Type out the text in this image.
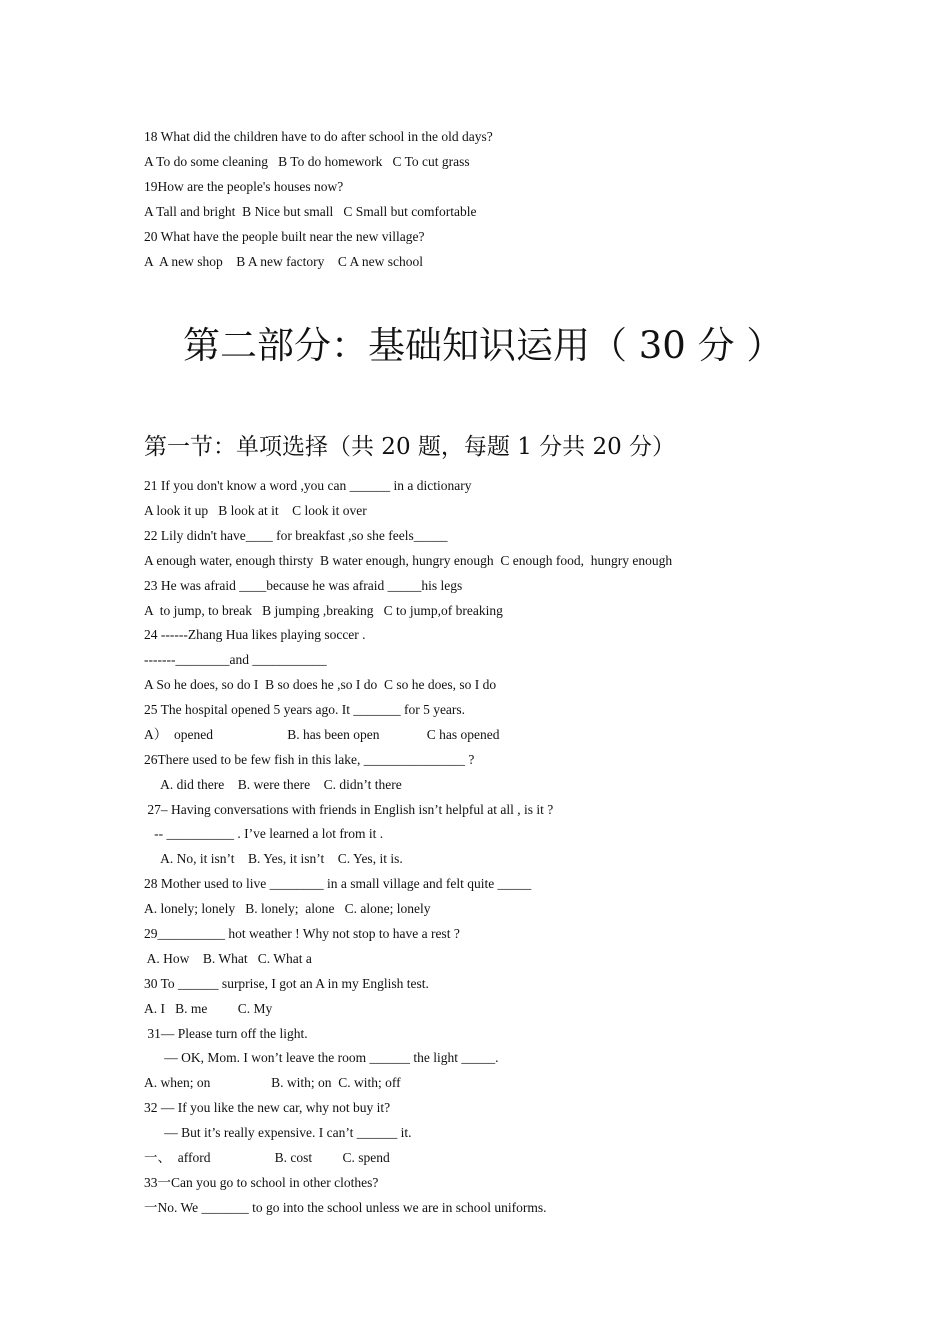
18 What did the children have to do after school in the old days?
A To do some cleaning   B To do homework   C To cut grass
19How are the people's houses now?
A Tall and bright  B Nice but small   C Small but comfortable
20 What have the people built near the new village?
A  A new shop    B A new factory    C A new school
第二部分：基础知识运用（ 30 分 ）
第一节：单项选择（共 20 题，每题 1 分共 20 分）
21 If you don't know a word ,you can ______ in a dictionary
A look it up   B look at it    C look it over
22 Lily didn't have____ for breakfast ,so she feels_____
A enough water, enough thirsty  B water enough, hungry enough  C enough food,  hungry enough
23 He was afraid ____because he was afraid _____his legs
A  to jump, to break   B jumping ,breaking   C to jump,of breaking
24 ------Zhang Hua likes playing soccer .
-------________and ___________
A So he does, so do I  B so does he ,so I do  C so he does, so I do
25 The hospital opened 5 years ago. It _______ for 5 years.
A）  opened                      B. has been open              C has opened
26There used to be few fish in this lake, _______________ ?
A. did there    B. were there    C. didn’t there
27– Having conversations with friends in English isn’t helpful at all , is it ?
-- __________ . I’ve learned a lot from it .
A. No, it isn’t    B. Yes, it isn’t    C. Yes, it is.
28 Mother used to live ________ in a small village and felt quite _____
A. lonely; lonely   B. lonely;  alone   C. alone; lonely
29__________ hot weather ! Why not stop to have a rest ?
A. How    B. What   C. What a
30 To ______ surprise, I got an A in my English test.
A. I   B. me         C. My
31— Please turn off the light.
— OK, Mom. I won’t leave the room ______ the light _____.
A. when; on                  B. with; on  C. with; off
32 — If you like the new car, why not buy it?
— But it’s really expensive. I can’t ______ it.
一、  afford                   B. cost         C. spend
33一Can you go to school in other clothes?
一No. We _______ to go into the school unless we are in school uniforms.
